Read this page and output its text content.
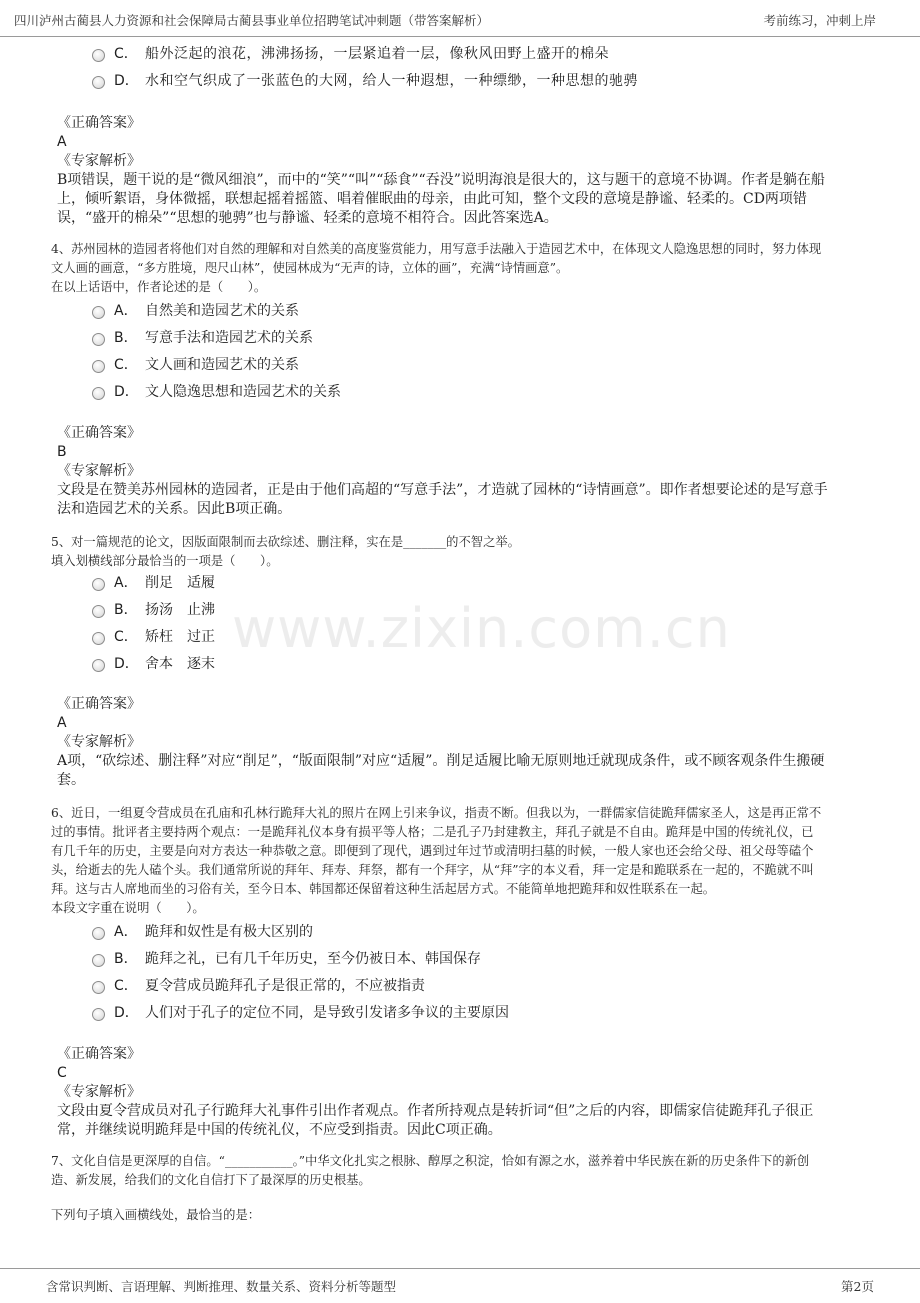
四川泸州古蔺县人力资源和社会保障局古蔺县事业单位招聘笔试冲刺题（带答案解析）	考前练习，冲刺上岸
www.zixin.com.cn
C． 船外泛起的浪花，沸沸扬扬，一层紧追着一层，像秋风田野上盛开的棉朵
D． 水和空气织成了一张蓝色的大网，给人一种遐想，一种缥缈，一种思想的驰骋
《正确答案》
A
《专家解析》
B项错误，题干说的是“微风细浪”，而中的“笑”“叫”“舔食”“吞没”说明海浪是很大的，这与题干的意境不协调。作者是躺在船
上，倾听絮语，身体微摇，联想起摇着摇篮、唱着催眠曲的母亲，由此可知，整个文段的意境是静谧、轻柔的。CD两项错
误，“盛开的棉朵”“思想的驰骋”也与静谧、轻柔的意境不相符合。因此答案选A。
4、苏州园林的造园者将他们对自然的理解和对自然美的高度鉴赏能力，用写意手法融入于造园艺术中，在体现文人隐逸思想的同时，努力体现
文人画的画意，“多方胜境，咫尺山林”，使园林成为“无声的诗，立体的画”，充满“诗情画意”。
在以上话语中，作者论述的是（　　）。
A． 自然美和造园艺术的关系
B． 写意手法和造园艺术的关系
C． 文人画和造园艺术的关系
D． 文人隐逸思想和造园艺术的关系
《正确答案》
B
《专家解析》
文段是在赞美苏州园林的造园者，正是由于他们高超的“写意手法”，才造就了园林的“诗情画意”。即作者想要论述的是写意手
法和造园艺术的关系。因此B项正确。
5、对一篇规范的论文，因版面限制而去砍综述、删注释，实在是_______的不智之举。
填入划横线部分最恰当的一项是（　　）。
A． 削足　适履
B． 扬汤　止沸
C． 矫枉　过正
D． 舍本　逐末
《正确答案》
A
《专家解析》
A项，“砍综述、删注释”对应“削足”，“版面限制”对应“适履”。削足适履比喻无原则地迁就现成条件，或不顾客观条件生搬硬
套。
6、近日，一组夏令营成员在孔庙和孔林行跪拜大礼的照片在网上引来争议，指责不断。但我以为，一群儒家信徒跪拜儒家圣人，这是再正常不
过的事情。批评者主要持两个观点：一是跪拜礼仪本身有损平等人格；二是孔子乃封建教主，拜孔子就是不自由。跪拜是中国的传统礼仪，已
有几千年的历史，主要是向对方表达一种恭敬之意。即便到了现代，遇到过年过节或清明扫墓的时候，一般人家也还会给父母、祖父母等磕个
头，给逝去的先人磕个头。我们通常所说的拜年、拜寿、拜祭，都有一个拜字，从“拜”字的本义看，拜一定是和跪联系在一起的，不跪就不叫
拜。这与古人席地而坐的习俗有关，至今日本、韩国都还保留着这种生活起居方式。不能简单地把跪拜和奴性联系在一起。
本段文字重在说明（　　）。
A． 跪拜和奴性是有极大区别的
B． 跪拜之礼，已有几千年历史，至今仍被日本、韩国保存
C． 夏令营成员跪拜孔子是很正常的，不应被指责
D． 人们对于孔子的定位不同，是导致引发诸多争议的主要原因
《正确答案》
C
《专家解析》
文段由夏令营成员对孔子行跪拜大礼事件引出作者观点。作者所持观点是转折词“但”之后的内容，即儒家信徒跪拜孔子很正
常，并继续说明跪拜是中国的传统礼仪，不应受到指责。因此C项正确。
7、文化自信是更深厚的自信。“___________。”中华文化扎实之根脉、醇厚之积淀，恰如有源之水，滋养着中华民族在新的历史条件下的新创
造、新发展，给我们的文化自信打下了最深厚的历史根基。
下列句子填入画横线处，最恰当的是：
含常识判断、言语理解、判断推理、数量关系、资料分析等题型	第2页
